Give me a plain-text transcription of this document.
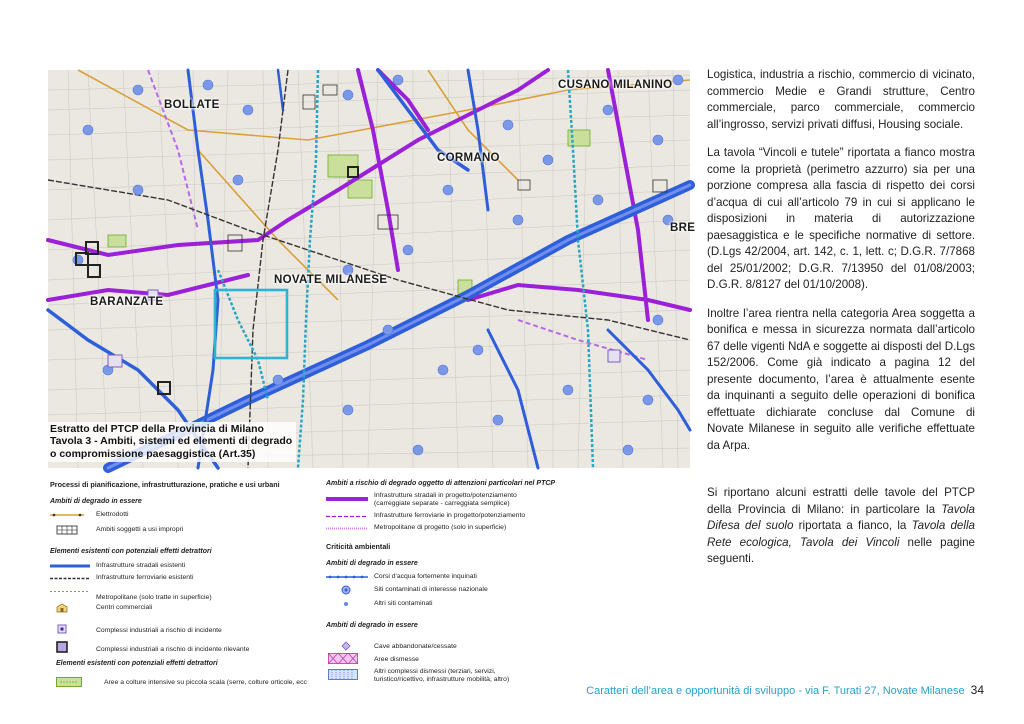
BOLLATE
CUSANO MILANINO
CORMANO
BRE
NOVATE MILANESE
BARANZATE
Estratto del PTCP della Provincia di Milano
Tavola 3 - Ambiti, sistemi ed elementi di degrado
o compromissione paesaggistica (Art.35)
Processi di pianificazione, infrastrutturazione, pratiche e usi urbani
Ambiti di degrado in essere
Elettrodotti
Ambiti soggetti a usi impropri
Elementi esistenti con potenziali effetti detrattori
Infrastrutture stradali esistenti
Infrastrutture ferroviarie esistenti
Metropolitane (solo tratte in superficie)
Centri commerciali
Complessi industriali a rischio di incidente
Complessi industriali a rischio di incidente rilevante
Elementi esistenti con potenziali effetti detrattori
Aree a colture intensive su piccola scala (serre, colture orticole, ecc
Ambiti a rischio di degrado oggetto di attenzioni particolari nel PTCP
Infrastrutture stradali in progetto/potenziamento
(carreggiate separate - carreggiata semplice)
Infrastrutture ferroviarie in progetto/potenziamento
Metropolitane di progetto (solo in superficie)
Criticità ambientali
Ambiti di degrado in essere
Corsi d'acqua fortemente inquinati
Siti contaminati di interesse nazionale
Altri siti contaminati
Ambiti di degrado in essere
Cave abbandonate/cessate
Aree dismesse
Altri complessi dismessi (terziari, servizi,
turistico/ricettivo, infrastrutture mobilità, altro)

Logistica, industria a rischio, commercio di vicinato, commercio Medie e Grandi strutture, Centro commerciale, parco commerciale, commercio all’ingrosso, servizi privati diffusi, Housing sociale.

La tavola “Vincoli e tutele” riportata a fianco mostra come la proprietà (perimetro azzurro) sia per una porzione compresa alla fascia di rispetto dei corsi d’acqua di cui all’articolo 79 in cui si applicano le disposizioni in materia di autorizzazione paesaggistica e le specifiche normative di settore. (D.Lgs 42/2004, art. 142, c. 1, lett. c; D.G.R. 7/7868 del 25/01/2002; D.G.R. 7/13950 del 01/08/2003; D.G.R. 8/8127 del 01/10/2008).

Inoltre l’area rientra nella categoria Area soggetta a bonifica e messa in sicurezza normata dall’articolo 67 delle vigenti NdA e soggette ai disposti del D.Lgs 152/2006. Come già indicato a pagina 12 del presente documento, l’area è attualmente esente da inquinanti a seguito delle operazioni di bonifica effettuate dichiarate concluse dal Comune di Novate Milanese in seguito alle verifiche effettuate da Arpa.

Si riportano alcuni estratti delle tavole del PTCP della Provincia di Milano: in particolare la Tavola Difesa del suolo riportata a fianco, la Tavola della Rete ecologica, Tavola dei Vincoli nelle pagine seguenti.

Caratteri dell’area e opportunità di sviluppo - via F. Turati 27, Novate Milanese 34
